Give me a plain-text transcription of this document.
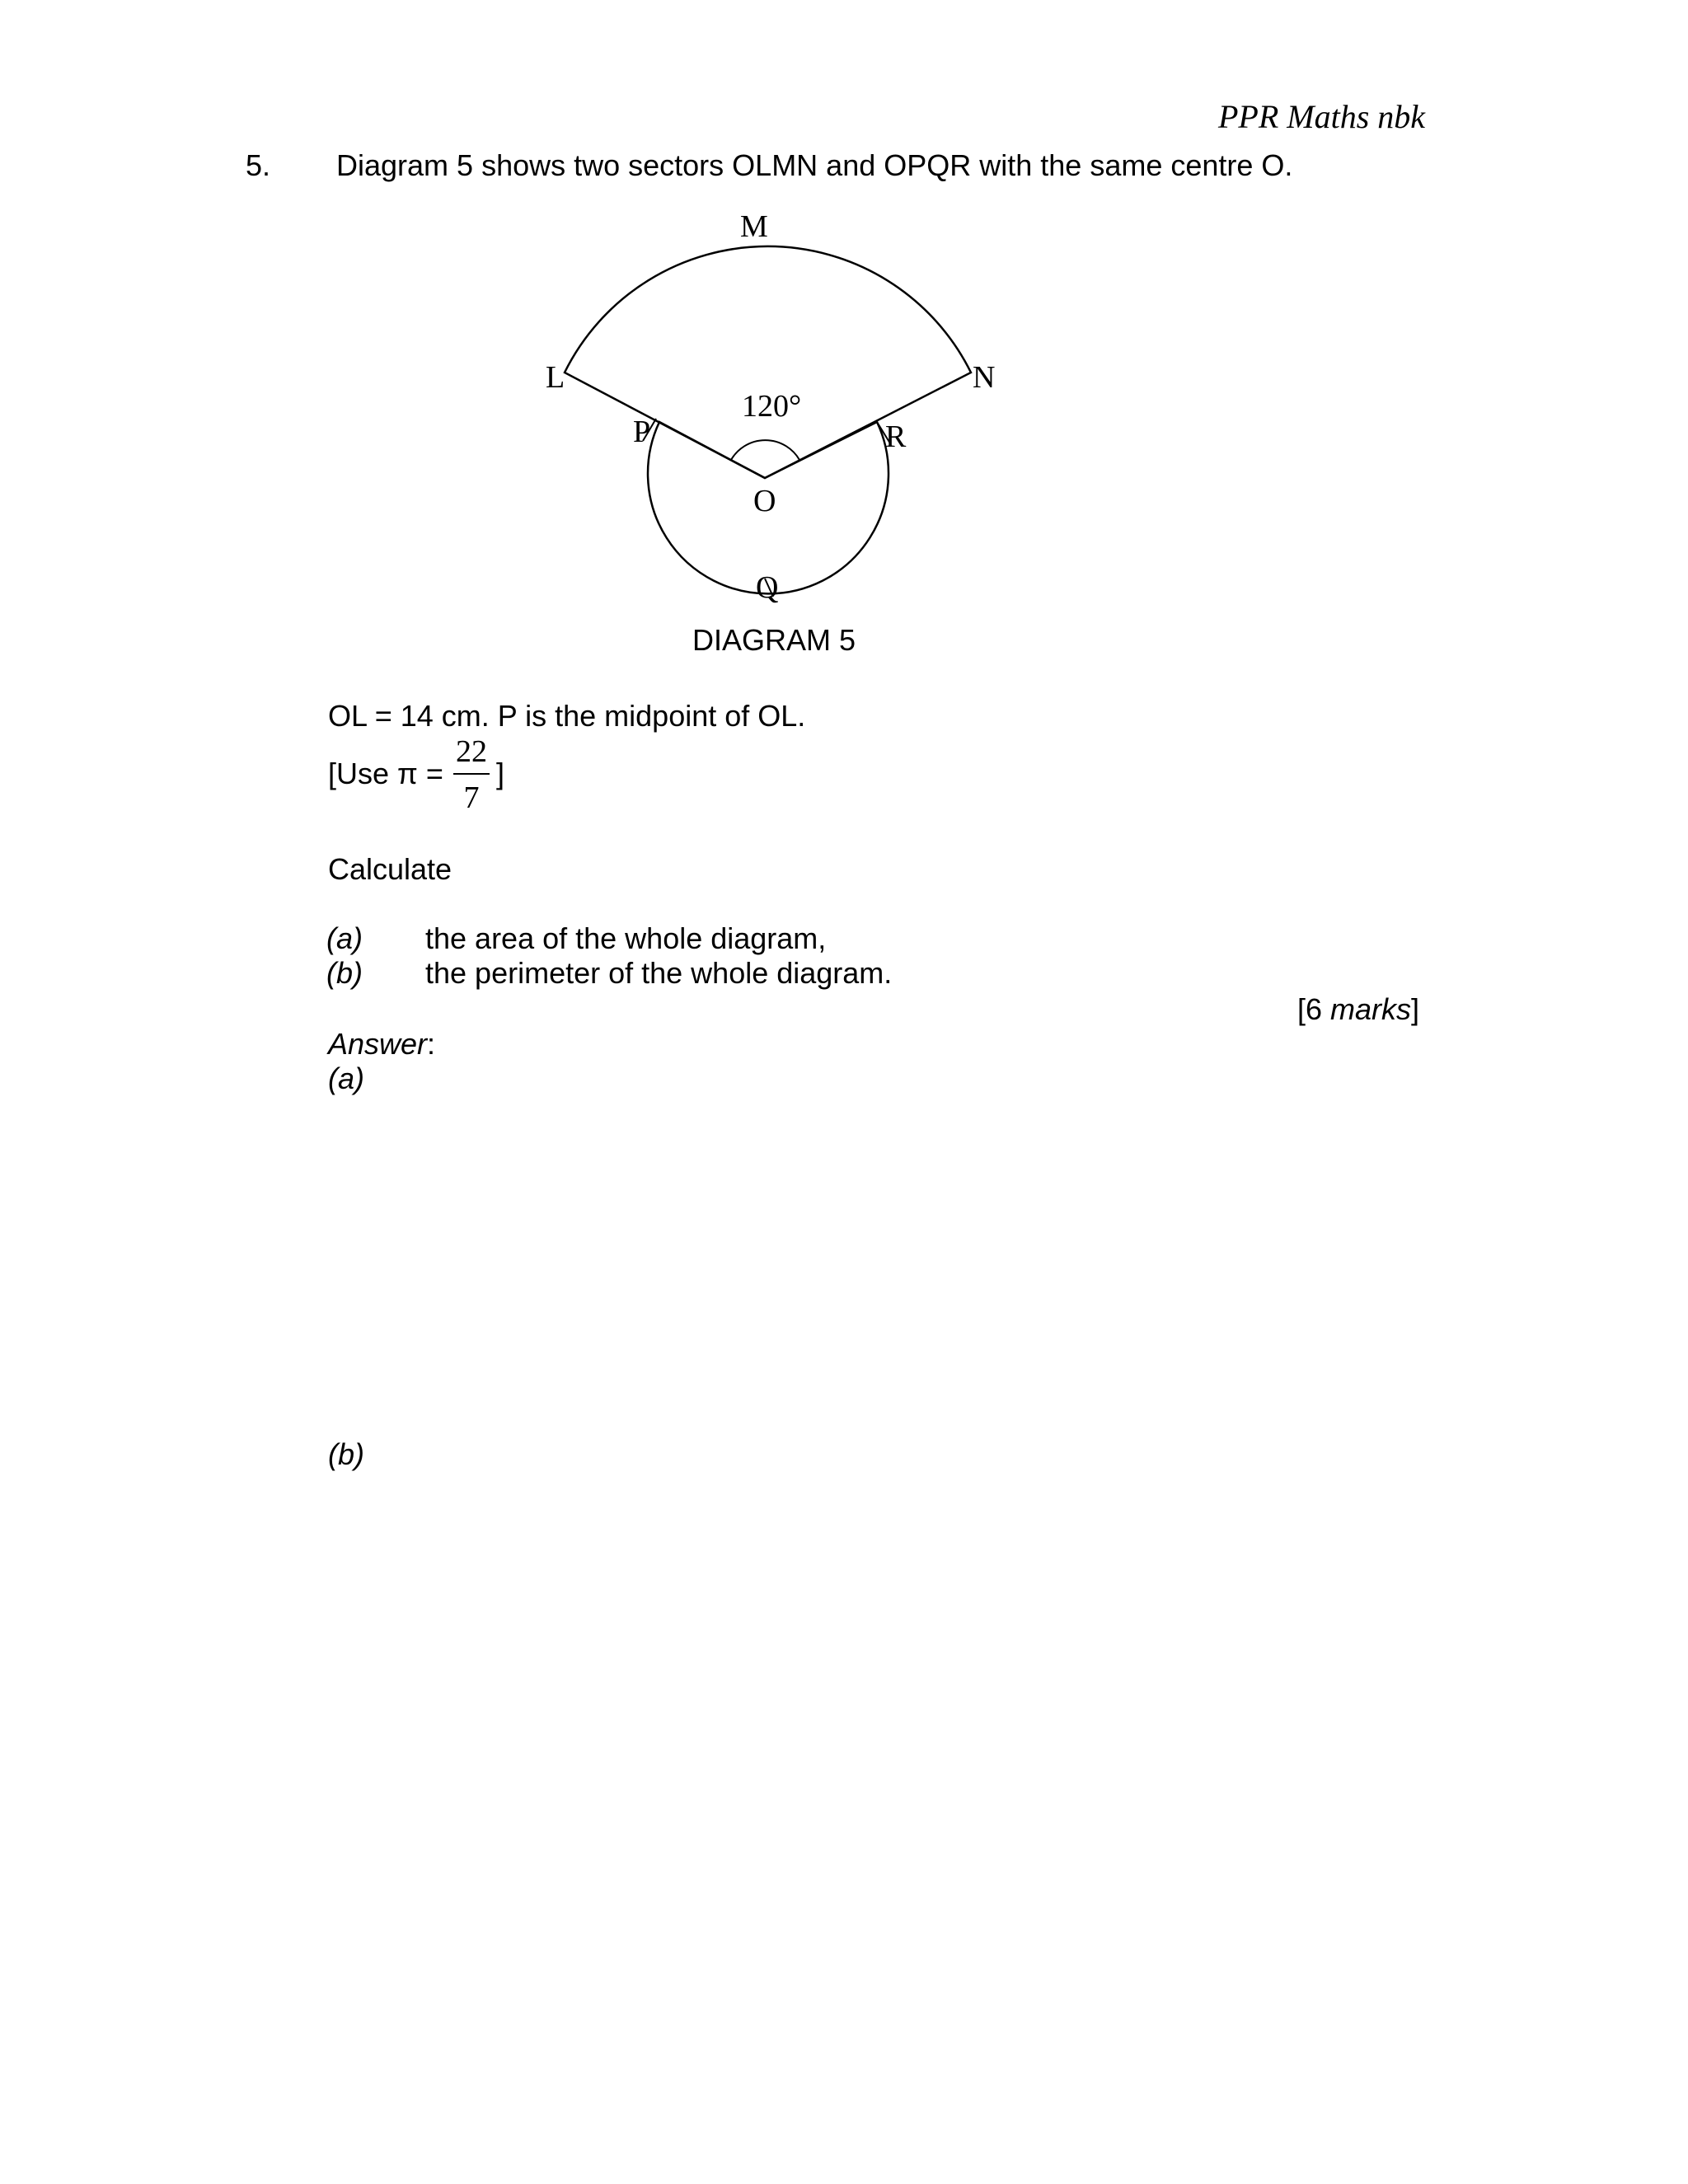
PPR Maths nbk
5. Diagram 5 shows two sectors OLMN and OPQR with the same centre O.
M
L	N
P	R
O
Q
120°
DIAGRAM 5
OL = 14 cm. P is the midpoint of OL.
[Use π =
22
7
]
Calculate
(a) the area of the whole diagram,
(b) the perimeter of the whole diagram.
[6 marks]
Answer:
(a)
(b)
